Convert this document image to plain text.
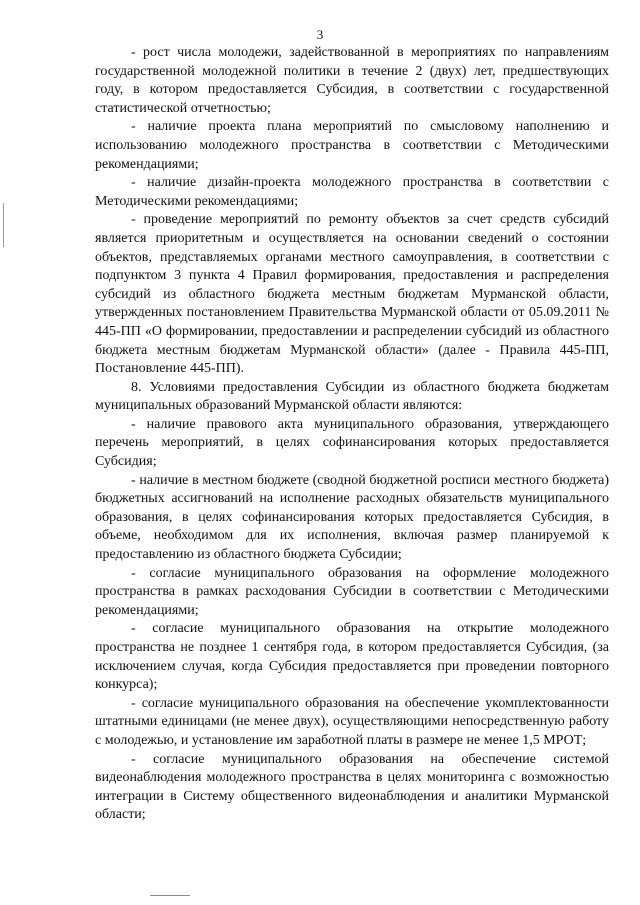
3

- рост числа молодежи, задействованной в мероприятиях по направлениям государственной молодежной политики в течение 2 (двух) лет, предшествующих году, в котором предоставляется Субсидия, в соответствии с государственной статистической отчетностью;

- наличие проекта плана мероприятий по смысловому наполнению и использованию молодежного пространства в соответствии с Методическими рекомендациями;

- наличие дизайн-проекта молодежного пространства в соответствии с Методическими рекомендациями;

- проведение мероприятий по ремонту объектов за счет средств субсидий является приоритетным и осуществляется на основании сведений о состоянии объектов, представляемых органами местного самоуправления, в соответствии с подпунктом 3 пункта 4 Правил формирования, предоставления и распределения субсидий из областного бюджета местным бюджетам Мурманской области, утвержденных постановлением Правительства Мурманской области от 05.09.2011 № 445-ПП «О формировании, предоставлении и распределении субсидий из областного бюджета местным бюджетам Мурманской области» (далее - Правила 445-ПП, Постановление 445-ПП).

8. Условиями предоставления Субсидии из областного бюджета бюджетам муниципальных образований Мурманской области являются:

- наличие правового акта муниципального образования, утверждающего перечень мероприятий, в целях софинансирования которых предоставляется Субсидия;

- наличие в местном бюджете (сводной бюджетной росписи местного бюджета) бюджетных ассигнований на исполнение расходных обязательств муниципального образования, в целях софинансирования которых предоставляется Субсидия, в объеме, необходимом для их исполнения, включая размер планируемой к предоставлению из областного бюджета Субсидии;

- согласие муниципального образования на оформление молодежного пространства в рамках расходования Субсидии в соответствии с Методическими рекомендациями;

- согласие муниципального образования на открытие молодежного пространства не позднее 1 сентября года, в котором предоставляется Субсидия, (за исключением случая, когда Субсидия предоставляется при проведении повторного конкурса);

- согласие муниципального образования на обеспечение укомплектованности штатными единицами (не менее двух), осуществляющими непосредственную работу с молодежью, и установление им заработной платы в размере не менее 1,5 МРОТ;

- согласие муниципального образования на обеспечение системой видеонаблюдения молодежного пространства в целях мониторинга с возможностью интеграции в Систему общественного видеонаблюдения и аналитики Мурманской области;
